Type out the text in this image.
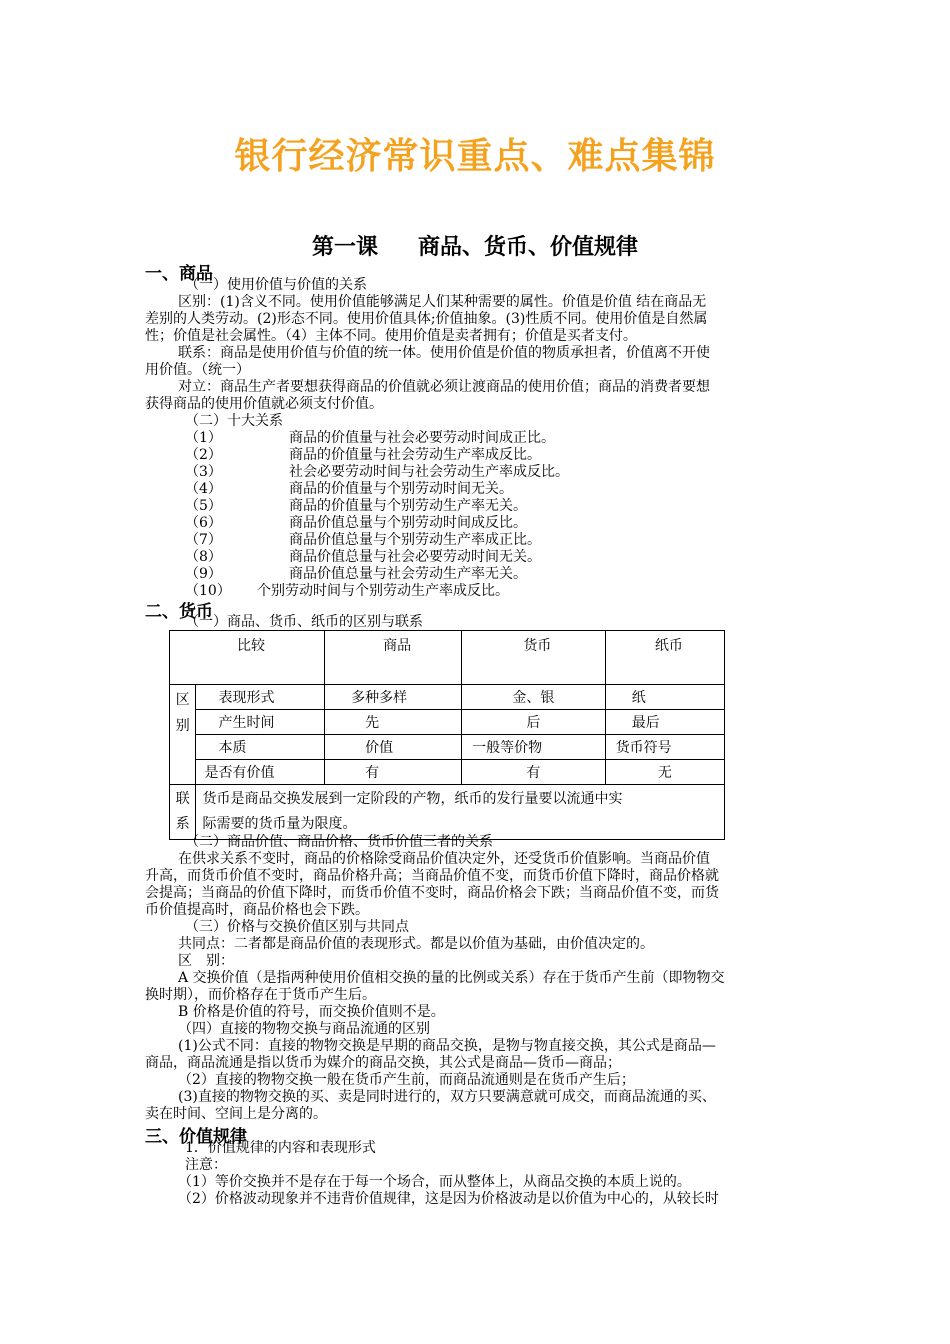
银行经济常识重点、难点集锦
第一课 商品、货币、价值规律
一、商品
（一）使用价值与价值的关系
区别：(1)含义不同。使用价值能够满足人们某种需要的属性。价值是价值 结在商品无
差别的人类劳动。(2)形态不同。使用价值具体;价值抽象。(3)性质不同。使用价值是自然属
性；价值是社会属性。（4）主体不同。使用价值是卖者拥有；价值是买者支付。
联系：商品是使用价值与价值的统一体。使用价值是价值的物质承担者，价值离不开使
用价值。（统一）
对立：商品生产者要想获得商品的价值就必须让渡商品的使用价值；商品的消费者要想
获得商品的使用价值就必须支付价值。
（二）十大关系
（1）	商品的价值量与社会必要劳动时间成正比。
（2）	商品的价值量与社会劳动生产率成反比。
（3）	社会必要劳动时间与社会劳动生产率成反比。
（4）	商品的价值量与个别劳动时间无关。
（5）	商品的价值量与个别劳动生产率无关。
（6）	商品价值总量与个别劳动时间成反比。
（7）	商品价值总量与个别劳动生产率成正比。
（8）	商品价值总量与社会必要劳动时间无关。
（9）	商品价值总量与社会劳动生产率无关。
（10） 个别劳动时间与个别劳动生产率成反比。
二、货币
（一）商品、货币、纸币的区别与联系
比较		商品	货币	纸币

区别	表现形式	多种多样	金、银	纸
	产生时间	先	后	最后
	本质	价值	一般等价物	货币符号
	是否有价值	有	有	无

联系	货币是商品交换发展到一定阶段的产物，纸币的发行量要以流通中实
际需要的货币量为限度。			
（二）商品价值、商品价格、货币价值三者的关系
在供求关系不变时，商品的价格除受商品价值决定外，还受货币价值影响。当商品价值
升高，而货币价值不变时，商品价格升高；当商品价值不变，而货币价值下降时，商品价格就
会提高；当商品的价值下降时，而货币价值不变时，商品价格会下跌；当商品价值不变，而货
币价值提高时，商品价格也会下跌。
（三）价格与交换价值区别与共同点
共同点：二者都是商品价值的表现形式。都是以价值为基础，由价值决定的。
区　别：
A 交换价值（是指两种使用价值相交换的量的比例或关系）存在于货币产生前（即物物交
换时期），而价格存在于货币产生后。
B 价格是价值的符号，而交换价值则不是。
（四）直接的物物交换与商品流通的区别
(1)公式不同：直接的物物交换是早期的商品交换，是物与物直接交换，其公式是商品—
商品，商品流通是指以货币为媒介的商品交换，其公式是商品—货币—商品；
（2）直接的物物交换一般在货币产生前，而商品流通则是在货币产生后；
(3)直接的物物交换的买、卖是同时进行的，双方只要满意就可成交，而商品流通的买、
卖在时间、空间上是分离的。
三、价值规律
1．价值规律的内容和表现形式
注意：
（1）等价交换并不是存在于每一个场合，而从整体上，从商品交换的本质上说的。
（2）价格波动现象并不违背价值规律，这是因为价格波动是以价值为中心的，从较长时
